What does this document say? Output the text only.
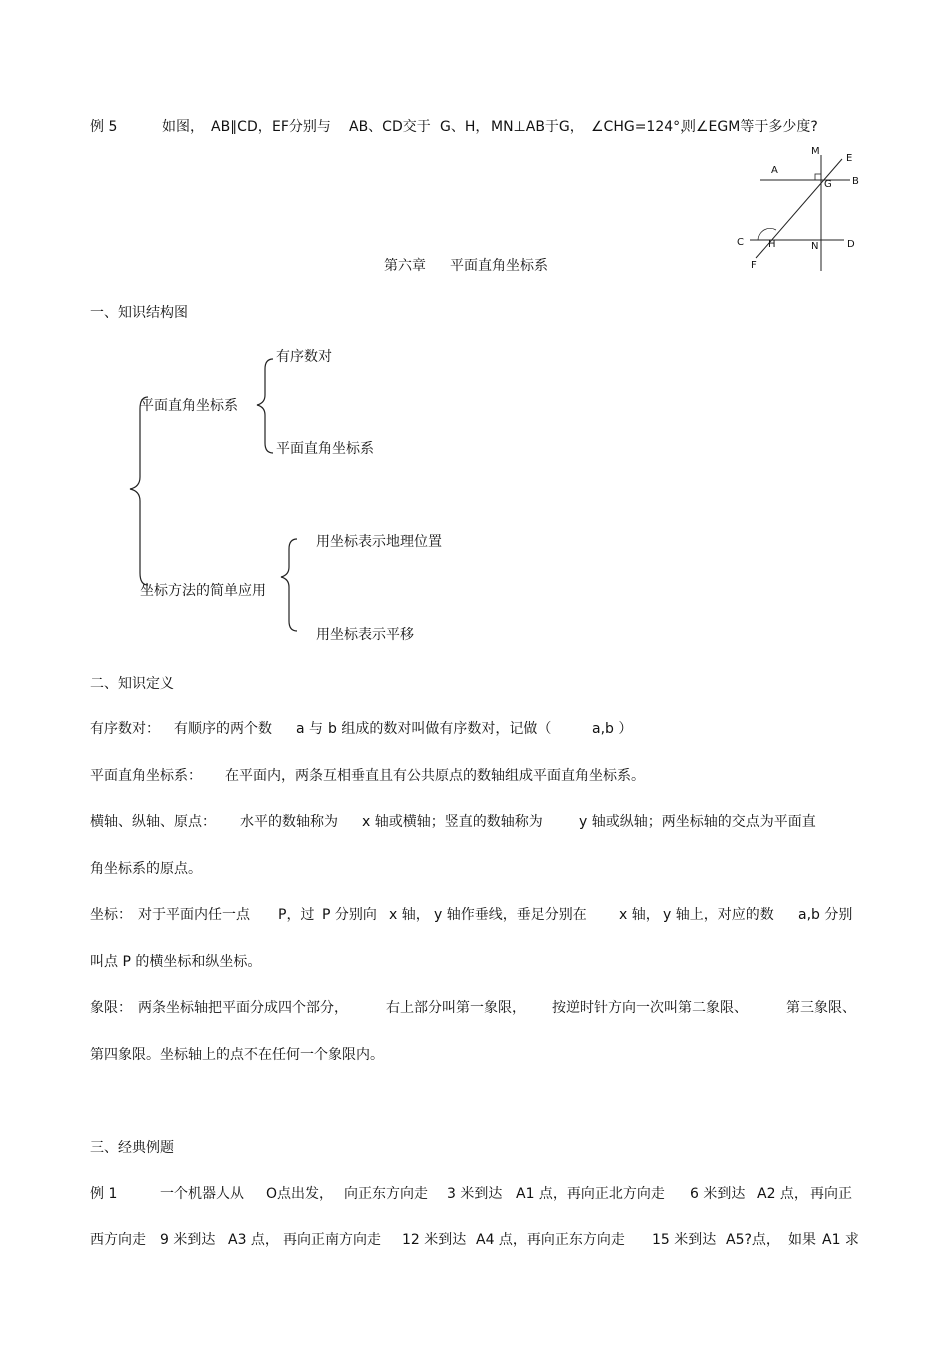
例 5	如图， AB∥CD， EF分别与 AB、CD交于 G、H， MN⊥AB于G， ∠CHG=124°，
则∠EGM等于多少度?
M
E
A
B
G
C H	N	D
F
第六章 平面直角坐标系
一、知识结构图
有序数对
平面直角坐标系
平面直角坐标系
用坐标表示地理位置
坐标方法的简单应用
用坐标表示平移
二、知识定义
有序数对： 有顺序的两个数 a 与 b 组成的数对叫做有序数对，记做（	a,b ）
平面直角坐标系： 在平面内，两条互相垂直且有公共原点的数轴组成平面直角坐标系。
横轴、纵轴、原点： 水平的数轴称为 x 轴或横轴；竖直的数轴称为	y 轴或纵轴；两坐标轴的交点为平面直
角坐标系的原点。
坐标： 对于平面内任一点 P，过 P 分别向 x 轴， y 轴作垂线，垂足分别在 x 轴， y 轴上，对应的数 a,b 分别
叫点 P 的横坐标和纵坐标。
象限： 两条坐标轴把平面分成四个部分，	右上部分叫第一象限， 按逆时针方向一次叫第二象限、	第三象限、
第四象限。坐标轴上的点不在任何一个象限内。
三、经典例题
例 1	一个机器人从 O点出发， 向正东方向走 3 米到达 A1 点，再向正北方向走 6 米到达 A2 点， 再向正
西方向走 9 米到达 A3 点， 再向正南方向走 12 米到达 A4 点，再向正东方向走 15 米到达 A5?点， 如果 A1 求
